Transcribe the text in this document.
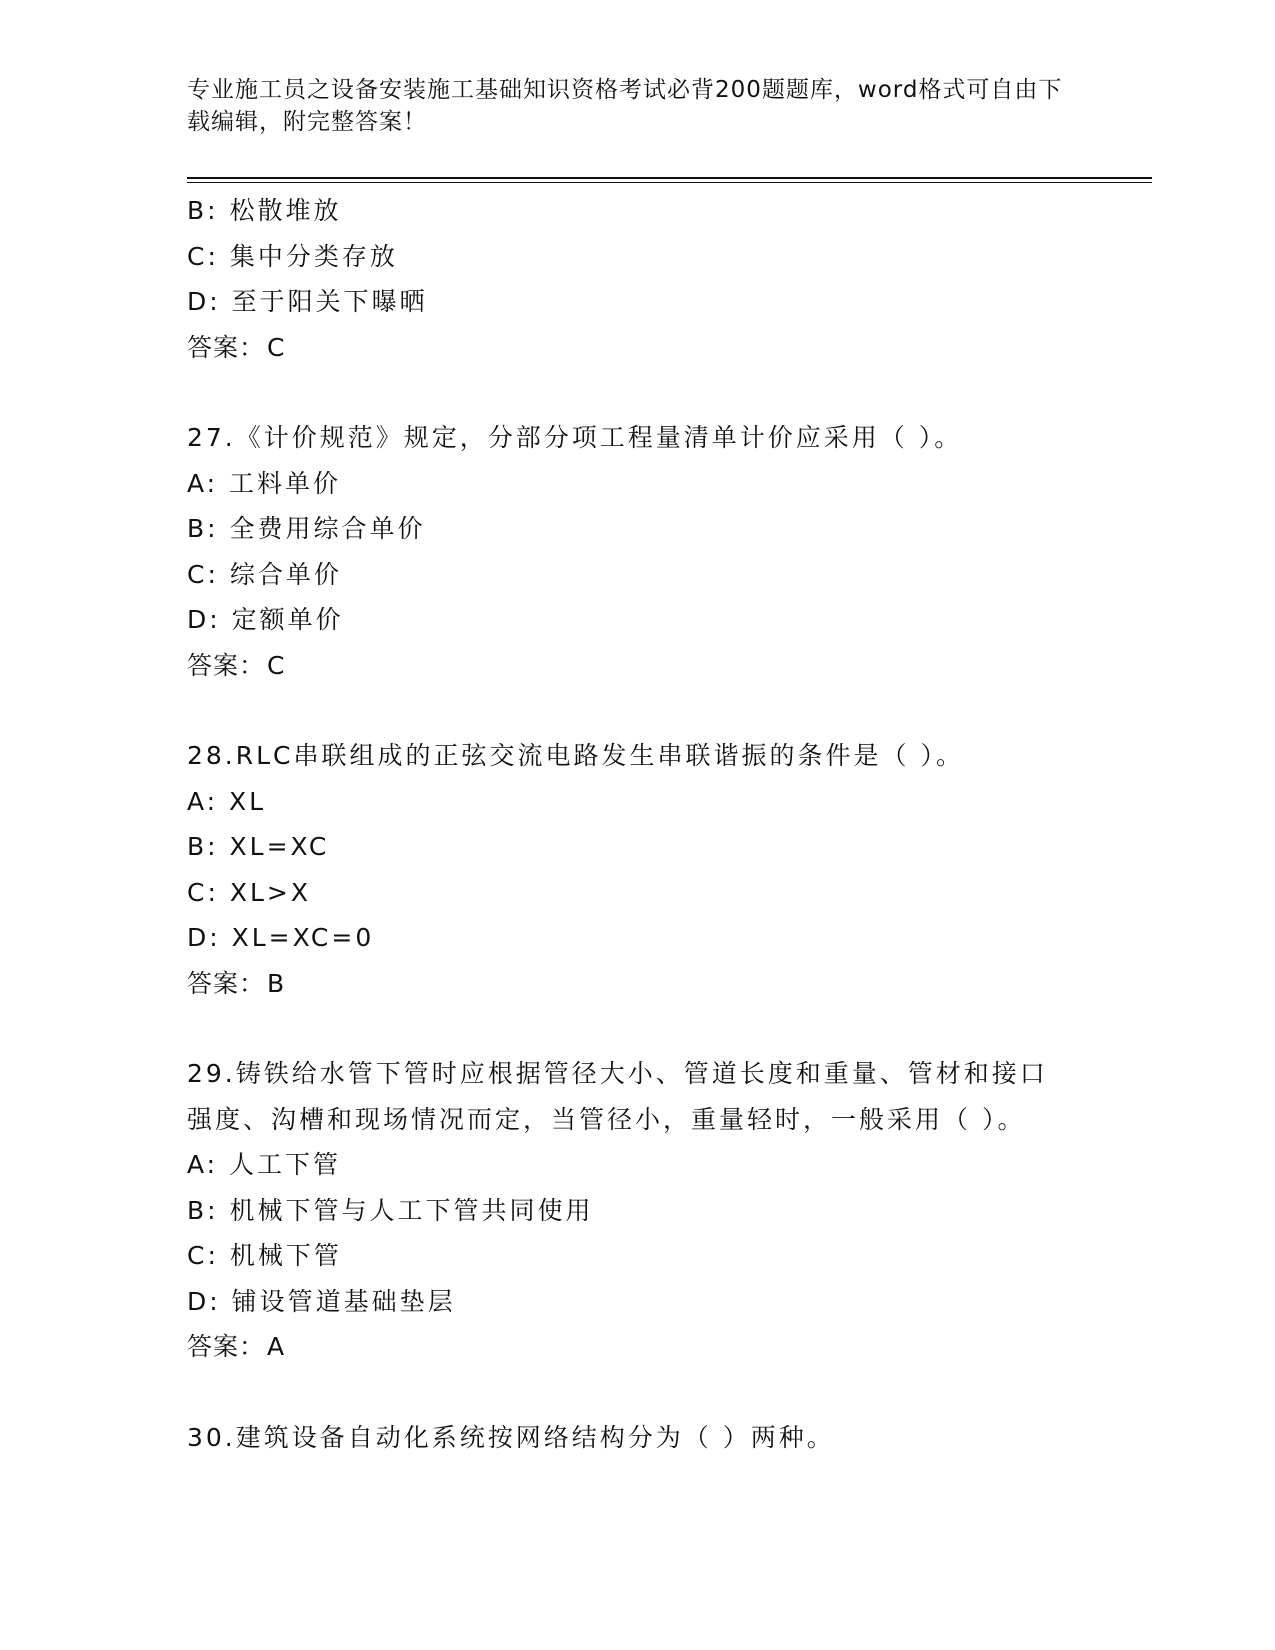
专业施工员之设备安装施工基础知识资格考试必背200题题库，word格式可自由下载编辑，附完整答案！
B: 松散堆放
C: 集中分类存放
D: 至于阳关下曝晒
答案：C
27.《计价规范》规定，分部分项工程量清单计价应采用（ ）。
A: 工料单价
B: 全费用综合单价
C: 综合单价
D: 定额单价
答案：C
28.RLC串联组成的正弦交流电路发生串联谐振的条件是（ ）。
A: XL
B: XL=XC
C: XL>X
D: XL=XC=0
答案：B
29.铸铁给水管下管时应根据管径大小、管道长度和重量、管材和接口强度、沟槽和现场情况而定，当管径小，重量轻时，一般采用（ ）。
A: 人工下管
B: 机械下管与人工下管共同使用
C: 机械下管
D: 铺设管道基础垫层
答案：A
30.建筑设备自动化系统按网络结构分为（ ）两种。
